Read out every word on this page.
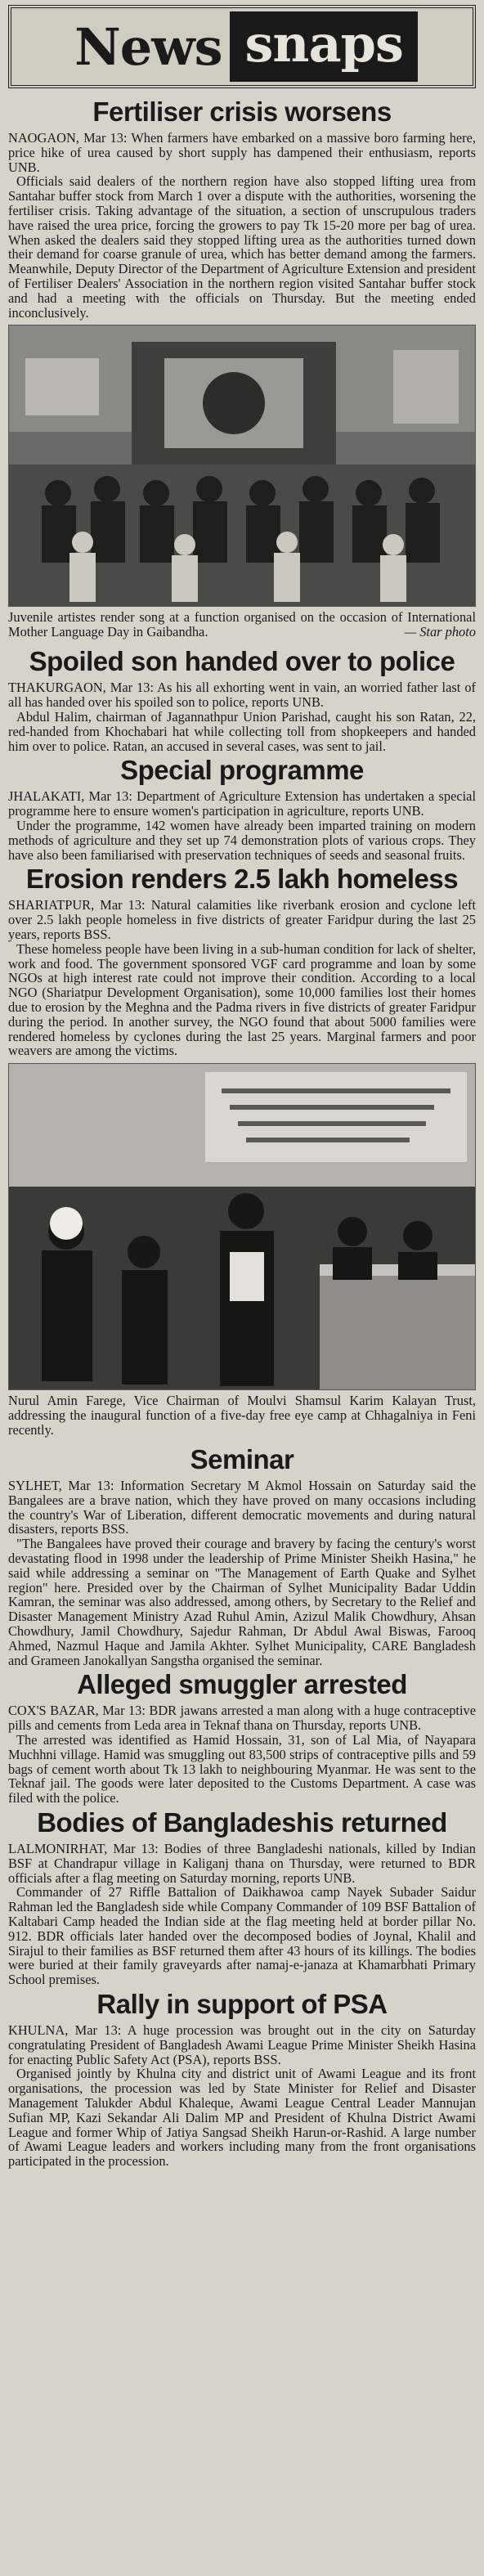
News snaps
Fertiliser crisis worsens

NAOGAON, Mar 13: When farmers have embarked on a massive boro farming here, price hike of urea caused by short supply has dampened their enthusiasm, reports UNB.

Officials said dealers of the northern region have also stopped lifting urea from Santahar buffer stock from March 1 over a dispute with the authorities, worsening the fertiliser crisis. Taking advantage of the situation, a section of unscrupulous traders have raised the urea price, forcing the growers to pay Tk 15-20 more per bag of urea. When asked the dealers said they stopped lifting urea as the authorities turned down their demand for coarse granule of urea, which has better demand among the farmers. Meanwhile, Deputy Director of the Department of Agriculture Extension and president of Fertiliser Dealers' Association in the northern region visited Santahar buffer stock and had a meeting with the officials on Thursday. But the meeting ended inconclusively.

Juvenile artistes render song at a function organised on the occasion of International Mother Language Day in Gaibandha.	— Star photo
Spoiled son handed over to police

THAKURGAON, Mar 13: As his all exhorting went in vain, an worried father last of all has handed over his spoiled son to police, reports UNB.

Abdul Halim, chairman of Jagannathpur Union Parishad, caught his son Ratan, 22, red-handed from Khochabari hat while collecting toll from shopkeepers and handed him over to police. Ratan, an accused in several cases, was sent to jail.

Special programme

JHALAKATI, Mar 13: Department of Agriculture Extension has undertaken a special programme here to ensure women's participation in agriculture, reports UNB.

Under the programme, 142 women have already been imparted training on modern methods of agriculture and they set up 74 demonstration plots of various crops. They have also been familiarised with preservation techniques of seeds and seasonal fruits.

Erosion renders 2.5 lakh homeless

SHARIATPUR, Mar 13: Natural calamities like riverbank erosion and cyclone left over 2.5 lakh people homeless in five districts of greater Faridpur during the last 25 years, reports BSS.

These homeless people have been living in a sub-human condition for lack of shelter, work and food. The government sponsored VGF card programme and loan by some NGOs at high interest rate could not improve their condition. According to a local NGO (Shariatpur Development Organisation), some 10,000 families lost their homes due to erosion by the Meghna and the Padma rivers in five districts of greater Faridpur during the period. In another survey, the NGO found that about 5000 families were rendered homeless by cyclones during the last 25 years. Marginal farmers and poor weavers are among the victims.

Nurul Amin Farege, Vice Chairman of Moulvi Shamsul Karim Kalayan Trust, addressing the inaugural function of a five-day free eye camp at Chhagalniya in Feni recently.
Seminar

SYLHET, Mar 13: Information Secretary M Akmol Hossain on Saturday said the Bangalees are a brave nation, which they have proved on many occasions including the country's War of Liberation, different democratic movements and during natural disasters, reports BSS.

"The Bangalees have proved their courage and bravery by facing the century's worst devastating flood in 1998 under the leadership of Prime Minister Sheikh Hasina," he said while addressing a seminar on "The Management of Earth Quake and Sylhet region" here. Presided over by the Chairman of Sylhet Municipality Badar Uddin Kamran, the seminar was also addressed, among others, by Secretary to the Relief and Disaster Management Ministry Azad Ruhul Amin, Azizul Malik Chowdhury, Ahsan Chowdhury, Jamil Chowdhury, Sajedur Rahman, Dr Abdul Awal Biswas, Farooq Ahmed, Nazmul Haque and Jamila Akhter. Sylhet Municipality, CARE Bangladesh and Grameen Janokallyan Sangstha organised the seminar.

Alleged smuggler arrested

COX'S BAZAR, Mar 13: BDR jawans arrested a man along with a huge contraceptive pills and cements from Leda area in Teknaf thana on Thursday, reports UNB.

The arrested was identified as Hamid Hossain, 31, son of Lal Mia, of Nayapara Muchhni village. Hamid was smuggling out 83,500 strips of contraceptive pills and 59 bags of cement worth about Tk 13 lakh to neighbouring Myanmar. He was sent to the Teknaf jail. The goods were later deposited to the Customs Department. A case was filed with the police.

Bodies of Bangladeshis returned

LALMONIRHAT, Mar 13: Bodies of three Bangladeshi nationals, killed by Indian BSF at Chandrapur village in Kaliganj thana on Thursday, were returned to BDR officials after a flag meeting on Saturday morning, reports UNB.

Commander of 27 Riffle Battalion of Daikhawoa camp Nayek Subader Saidur Rahman led the Bangladesh side while Company Commander of 109 BSF Battalion of Kaltabari Camp headed the Indian side at the flag meeting held at border pillar No. 912. BDR officials later handed over the decomposed bodies of Joynal, Khalil and Sirajul to their families as BSF returned them after 43 hours of its killings. The bodies were buried at their family graveyards after namaj-e-janaza at Khamarbhati Primary School premises.

Rally in support of PSA

KHULNA, Mar 13: A huge procession was brought out in the city on Saturday congratulating President of Bangladesh Awami League Prime Minister Sheikh Hasina for enacting Public Safety Act (PSA), reports BSS.

Organised jointly by Khulna city and district unit of Awami League and its front organisations, the procession was led by State Minister for Relief and Disaster Management Talukder Abdul Khaleque, Awami League Central Leader Mannujan Sufian MP, Kazi Sekandar Ali Dalim MP and President of Khulna District Awami League and former Whip of Jatiya Sangsad Sheikh Harun-or-Rashid. A large number of Awami League leaders and workers including many from the front organisations participated in the procession.
